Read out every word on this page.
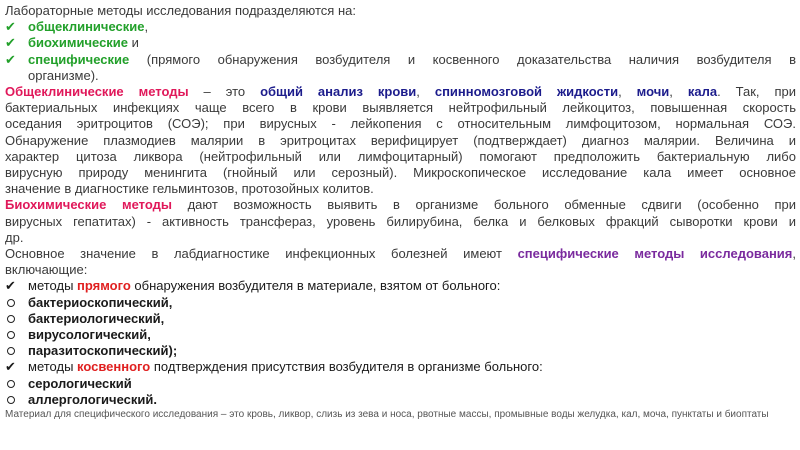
Лабораторные методы исследования подразделяются на:
✔ общеклинические,
✔ биохимические и
✔ специфические (прямого обнаружения возбудителя и косвенного доказательства наличия возбудителя в
организме).
Общеклинические методы – это общий анализ крови, спинномозговой жидкости, мочи, кала. Так, при
бактериальных инфекциях чаще всего в крови выявляется нейтрофильный лейкоцитоз, повышенная скорость
оседания эритроцитов (СОЭ); при вирусных - лейкопения с относительным лимфоцитозом, нормальная СОЭ.
Обнаружение плазмодиев малярии в эритроцитах верифицирует (подтверждает) диагноз малярии. Величина и
характер цитоза ликвора (нейтрофильный или лимфоцитарный) помогают предположить бактериальную либо
вирусную природу менингита (гнойный или серозный). Микроскопическое исследование кала имеет основное
значение в диагностике гельминтозов, протозойных колитов.
Биохимические методы дают возможность выявить в организме больного обменные сдвиги (особенно при
вирусных гепатитах) - активность трансфераз, уровень билирубина, белка и белковых фракций сыворотки крови и
др.
Основное значение в лабдиагностике инфекционных болезней имеют специфические методы исследования,
включающие:
✔ методы прямого обнаружения возбудителя в материале, взятом от больного:
бактериоскопический,
бактериологический,
вирусологический,
паразитоскопический);
✔ методы косвенного подтверждения присутствия возбудителя в организме больного:
серологический
аллергологический.
Материал для специфического исследования – это кровь, ликвор, слизь из зева и носа, рвотные массы, промывные воды желудка, кал, моча, пунктаты и биоптаты
